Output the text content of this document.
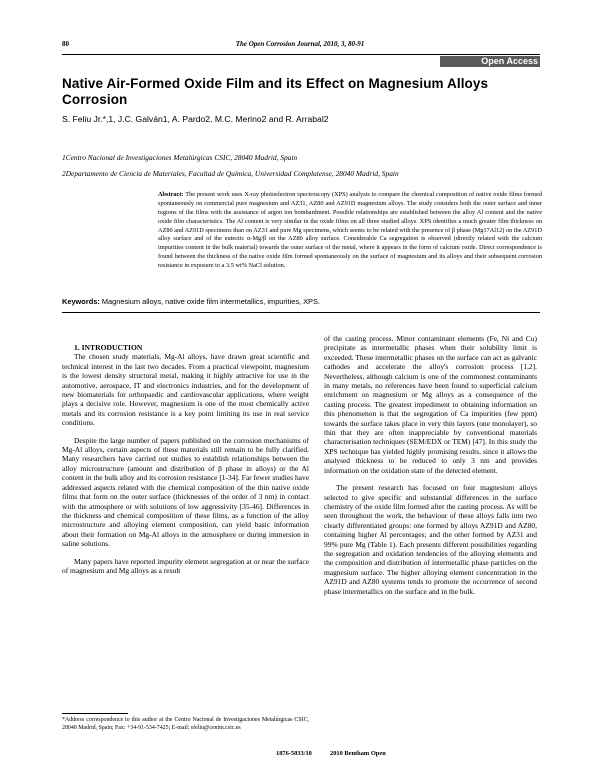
80	The Open Corrosion Journal, 2010, 3, 80-91
Open Access
Native Air-Formed Oxide Film and its Effect on Magnesium Alloys Corrosion
S. Feliu Jr.*,1, J.C. Galván1, A. Pardo2, M.C. Merino2 and R. Arrabal2
1Centro Nacional de Investigaciones Metalúrgicas CSIC, 28040 Madrid, Spain
2Departamento de Ciencia de Materiales, Facultad de Química, Universidad Complutense, 28040 Madrid, Spain
Abstract: The present work uses X-ray photoelectron spectroscopy (XPS) analysis to compare the chemical composition of native oxide films formed spontaneously on commercial pure magnesium and AZ31, AZ80 and AZ91D magnesium alloys. The study considers both the outer surface and inner regions of the films with the assistance of argon ion bombardment. Possible relationships are established between the alloy Al content and the native oxide film characteristics. The Al content is very similar in the oxide films on all three studied alloys. XPS identifies a much greater film thickness on AZ80 and AZ91D specimens than on AZ31 and pure Mg specimens, which seems to be related with the presence of β phase (Mg17Al12) on the AZ91D alloy surface and of the eutectic α-Mg/β on the AZ80 alloy surface. Considerable Ca segregation is observed (directly related with the calcium impurities content in the bulk material) towards the outer surface of the metal, where it appears in the form of calcium oxide. Direct correspondence is found between the thickness of the native oxide film formed spontaneously on the surface of magnesium and its alloys and their subsequent corrosion resistance in exposure to a 3.5 wt% NaCl solution.
Keywords: Magnesium alloys, native oxide film intermetallics, impurities, XPS.

1. INTRODUCTION

The chosen study materials, Mg-Al alloys, have drawn great scientific and technical interest in the last two decades. From a practical viewpoint, magnesium is the lowest density structural metal, making it highly attractive for use in the automotive, aerospace, IT and electronics industries, and for the development of new biomaterials for orthopaedic and cardiovascular applications, where weight plays a decisive role. However, magnesium is one of the most chemically active metals and its corrosion resistance is a key point limiting its use in real service conditions.

Despite the large number of papers published on the corrosion mechanisms of Mg-Al alloys, certain aspects of these materials still remain to be fully clarified. Many researchers have carried out studies to establish relationships between the alloy microstructure (amount and distribution of β phase in alloys) or the Al content in the bulk alloy and its corrosion resistance [1-34]. Far fewer studies have addressed aspects related with the chemical composition of the thin native oxide films that form on the outer surface (thicknesses of the order of 3 nm) in contact with the atmosphere or with solutions of low aggressivity [35-46]. Differences in the thickness and chemical composition of these films, as a function of the alloy microstructure and alloying element composition, can yield basic information about their formation on Mg-Al alloys in the atmosphere or during immersion in saline solutions.

Many papers have reported impurity element segregation at or near the surface of magnesium and Mg alloys as a result

of the casting process. Minor contaminant elements (Fe, Ni and Cu) precipitate as intermetallic phases when their solubility limit is exceeded. These intermetallic phases on the surface can act as galvanic cathodes and accelerate the alloy's corrosion process [1,2]. Nevertheless, although calcium is one of the commonest contaminants in many metals, no references have been found to superficial calcium enrichment on magnesium or Mg alloys as a consequence of the casting process. The greatest impediment to obtaining information on this phenomenon is that the segregation of Ca impurities (few ppm) towards the surface takes place in very thin layers (one monolayer), so thin that they are often inappreciable by conventional materials characterisation techniques (SEM/EDX or TEM) [47]. In this study the XPS technique has yielded highly promising results, since it allows the analysed thickness to be reduced to only 3 nm and provides information on the oxidation state of the detected element.

The present research has focused on four magnesium alloys selected to give specific and substantial differences in the surface chemistry of the oxide film formed after the casting process. As will be seen throughout the work, the behaviour of these alloys falls into two clearly differentiated groups: one formed by alloys AZ91D and AZ80, containing higher Al percentages; and the other formed by AZ31 and 99% pure Mg (Table 1). Each presents different possibilities regarding the segregation and oxidation tendencies of the alloying elements and the composition and distribution of intermetallic phase particles on the magnesium surface. The higher alloying element concentration in the AZ91D and AZ80 systems tends to promote the occurrence of second phase intermetallics on the surface and in the bulk.

*Address correspondence to this author at the Centro Nacional de Investigaciones Metalúrgicas CSIC, 28040 Madrid, Spain; Fax: +34-91-534-7425; E-mail: sfeliu@cenim.csic.es
1876-5033/10	2010 Bentham Open
